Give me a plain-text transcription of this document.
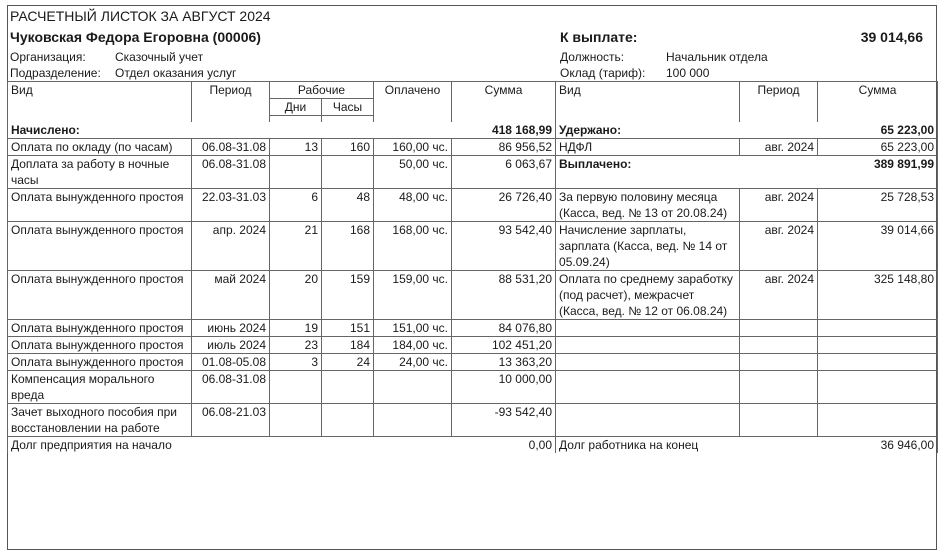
РАСЧЕТНЫЙ ЛИСТОК ЗА АВГУСТ 2024
Чуковская Федора Егоровна (00006)	К выплате:	39 014,66
Организация: Сказочный учет
Подразделение: Отдел оказания услуг
Должность:	Начальник отдела
Оклад (тариф): 100 000
Вид	Период	Рабочие		Оплачено	Сумма	Вид	Период	Сумма
		Дни	Часы					

Начислено:					418 168,99	Удержано:		65 223,00
Оплата по окладу (по часам)	06.08-31.08	13	160	160,00 чс.	86 956,52	НДФЛ	авг. 2024	65 223,00
Доплата за работу в ночные часы	06.08-31.08			50,00 чс.	6 063,67	Выплачено:		389 891,99
Оплата вынужденного простоя	22.03-31.03	6	48	48,00 чс.	26 726,40	За первую половину месяца (Касса, вед. № 13 от 20.08.24)	авг. 2024	25 728,53
Оплата вынужденного простоя	апр. 2024	21	168	168,00 чс.	93 542,40	Начисление зарплаты, зарплата (Касса, вед. № 14 от 05.09.24)	авг. 2024	39 014,66
Оплата вынужденного простоя	май 2024	20	159	159,00 чс.	88 531,20	Оплата по среднему заработку (под расчет), межрасчет (Касса, вед. № 12 от 06.08.24)	авг. 2024	325 148,80
Оплата вынужденного простоя	июнь 2024	19	151	151,00 чс.	84 076,80			
Оплата вынужденного простоя	июль 2024	23	184	184,00 чс.	102 451,20			
Оплата вынужденного простоя	01.08-05.08	3	24	24,00 чс.	13 363,20			
Компенсация морального вреда	06.08-31.08				10 000,00			
Зачет выходного пособия при восстановлении на работе	06.08-21.03				-93 542,40			
Долг предприятия на начало					0,00	Долг работника на конец		36 946,00
